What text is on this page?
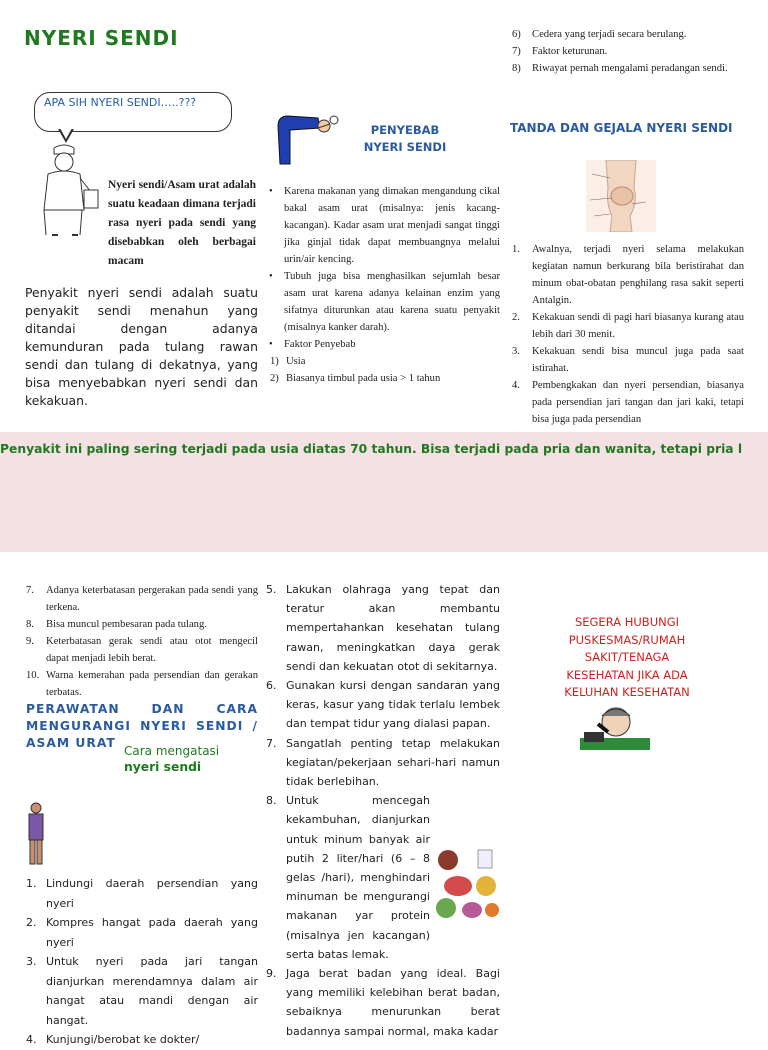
NYERI SENDI
APA SIH NYERI SENDI…..???
Nyeri sendi/Asam urat adalah suatu keadaan dimana terjadi rasa nyeri pada sendi yang disebabkan oleh berbagai macam
Penyakit nyeri sendi adalah suatu penyakit sendi menahun yang ditandai dengan adanya kemunduran pada tulang rawan sendi dan tulang di dekatnya, yang bisa menyebabkan nyeri sendi dan kekakuan.
PENYEBAB NYERI SENDI
• Karena makanan yang dimakan mengandung cikal bakal asam urat (misalnya: jenis kacang-kacangan). Kadar asam urat menjadi sangat tinggi jika ginjal tidak dapat membuangnya melalui urin/air kencing.
• Tubuh juga bisa menghasilkan sejumlah besar asam urat karena adanya kelainan enzim yang sifatnya diturunkan atau karena suatu penyakit (misalnya kanker darah).
• Faktor Penyebab
1) Usia
2) Biasanya timbul pada usia > 1 tahun
6) Cedera yang terjadi secara berulang.
7) Faktor keturunan.
8) Riwayat pernah mengalami peradangan sendi.
TANDA DAN GEJALA NYERI SENDI
1. Awalnya, terjadi nyeri selama melakukan kegiatan namun berkurang bila beristirahat dan minum obat-obatan penghilang rasa sakit seperti Antalgin.
2. Kekakuan sendi di pagi hari biasanya kurang atau lebih dari 30 menit.
3. Kekakuan sendi bisa muncul juga pada saat istirahat.
4. Pembengkakan dan nyeri persendian, biasanya pada persendian jari tangan dan jari kaki, tetapi bisa juga pada persendian
Penyakit ini paling sering terjadi pada usia diatas 70 tahun. Bisa terjadi pada pria dan wanita, tetapi pria l
7. Adanya keterbatasan pergerakan pada sendi yang terkena.
8. Bisa muncul pembesaran pada tulang.
9. Keterbatasan gerak sendi atau otot mengecil dapat menjadi lebih berat.
10. Warna kemerahan pada persendian dan gerakan terbatas.
PERAWATAN DAN CARA MENGURANGI NYERI SENDI / ASAM URAT
Cara mengatasi
nyeri sendi
1. Lindungi daerah persendian yang nyeri
2. Kompres hangat pada daerah yang nyeri
3. Untuk nyeri pada jari tangan dianjurkan merendamnya dalam air hangat atau mandi dengan air hangat.
4. Kunjungi/berobat ke dokter/
5. Lakukan olahraga yang tepat dan teratur akan membantu mempertahankan kesehatan tulang rawan, meningkatkan daya gerak sendi dan kekuatan otot di sekitarnya.
6. Gunakan kursi dengan sandaran yang keras, kasur yang tidak terlalu lembek dan tempat tidur yang dialasi papan.
7. Sangatlah penting tetap melakukan kegiatan/pekerjaan sehari-hari namun tidak berlebihan.
8. Untuk mencegah kekambuhan, dianjurkan untuk minum banyak air putih 2 liter/hari (6 – 8 gelas /hari), menghindari minuman be mengurangi makanan yar protein (misalnya jen kacangan) serta batas lemak.
9. Jaga berat badan yang ideal. Bagi yang memiliki kelebihan berat badan, sebaiknya menurunkan berat badannya sampai normal, maka kadar
SEGERA HUBUNGI PUSKESMAS/RUMAH SAKIT/TENAGA KESEHATAN JIKA ADA KELUHAN KESEHATAN
